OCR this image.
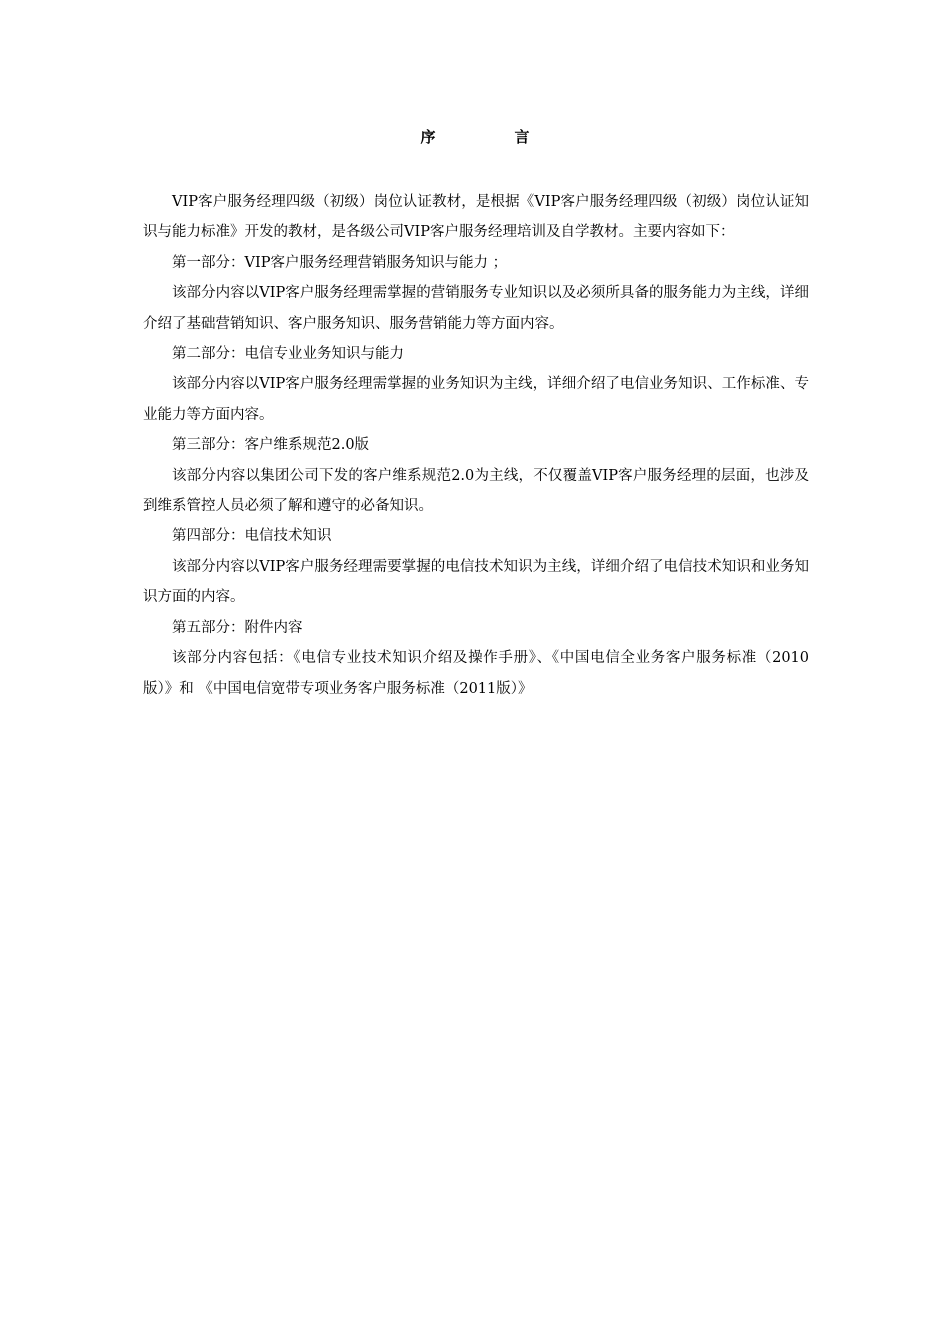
序　言

VIP客户服务经理四级（初级）岗位认证教材，是根据《VIP客户服务经理四级（初级）岗位认证知识与能力标准》开发的教材，是各级公司VIP客户服务经理培训及自学教材。主要内容如下：

第一部分：VIP客户服务经理营销服务知识与能力 ；

该部分内容以VIP客户服务经理需掌握的营销服务专业知识以及必须所具备的服务能力为主线，详细介绍了基础营销知识、客户服务知识、服务营销能力等方面内容。

第二部分：电信专业业务知识与能力

该部分内容以VIP客户服务经理需掌握的业务知识为主线，详细介绍了电信业务知识、工作标准、专业能力等方面内容。

第三部分：客户维系规范2.0版

该部分内容以集团公司下发的客户维系规范2.0为主线，不仅覆盖VIP客户服务经理的层面，也涉及到维系管控人员必须了解和遵守的必备知识。

第四部分：电信技术知识

该部分内容以VIP客户服务经理需要掌握的电信技术知识为主线，详细介绍了电信技术知识和业务知识方面的内容。

第五部分：附件内容

该部分内容包括：《电信专业技术知识介绍及操作手册》、《中国电信全业务客户服务标准（2010版）》和 《中国电信宽带专项业务客户服务标准（2011版）》
